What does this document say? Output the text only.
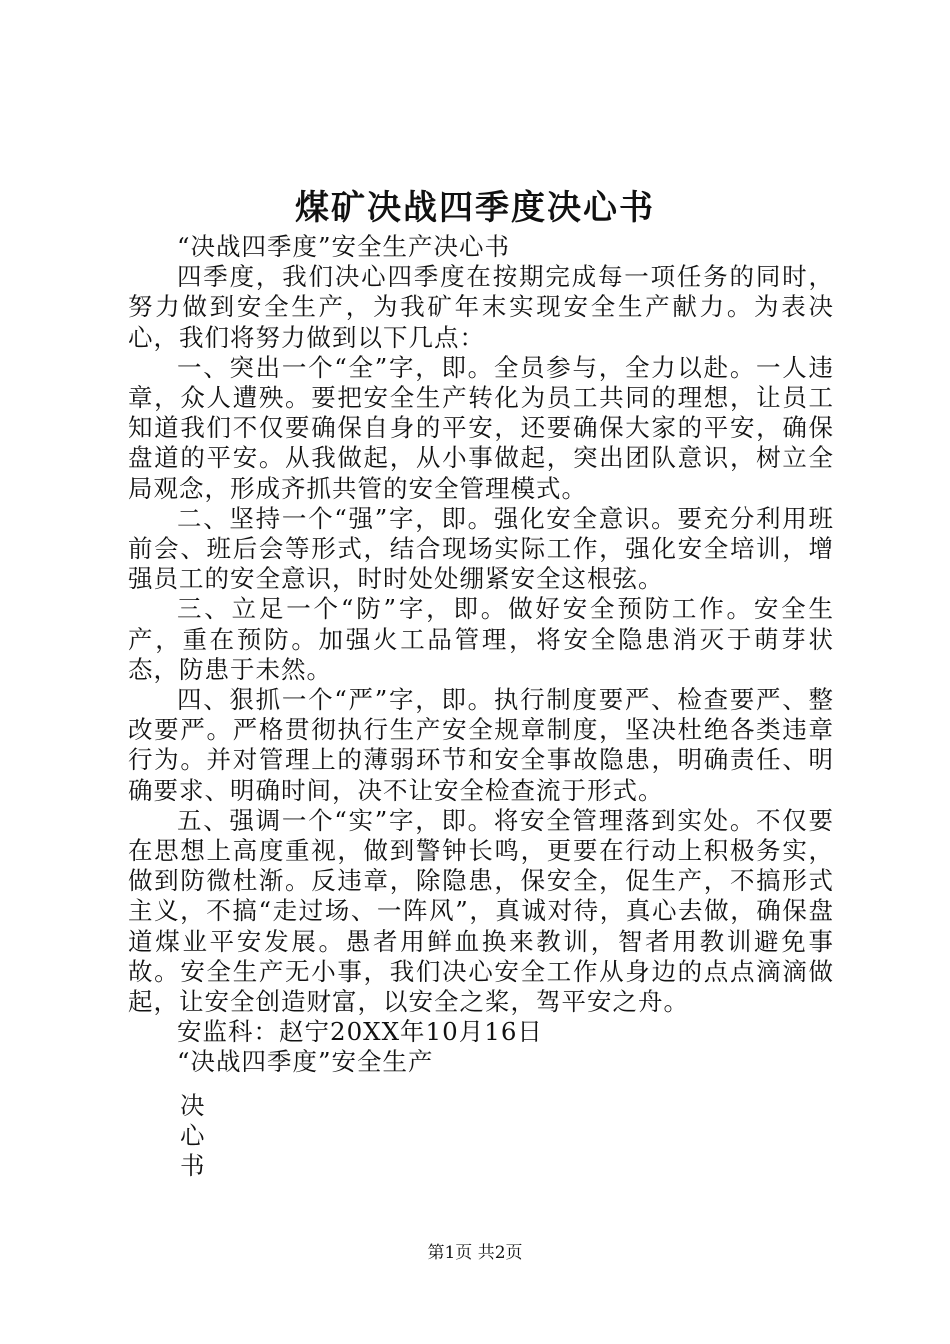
煤矿决战四季度决心书

“决战四季度”安全生产决心书

四季度，我们决心四季度在按期完成每一项任务的同时，努力做到安全生产，为我矿年末实现安全生产献力。为表决心，我们将努力做到以下几点：

一、突出一个“全”字，即。全员参与，全力以赴。一人违章，众人遭殃。要把安全生产转化为员工共同的理想，让员工知道我们不仅要确保自身的平安，还要确保大家的平安，确保盘道的平安。从我做起，从小事做起，突出团队意识，树立全局观念，形成齐抓共管的安全管理模式。

二、坚持一个“强”字，即。强化安全意识。要充分利用班前会、班后会等形式，结合现场实际工作，强化安全培训，增强员工的安全意识，时时处处绷紧安全这根弦。

三、立足一个“防”字，即。做好安全预防工作。安全生产，重在预防。加强火工品管理，将安全隐患消灭于萌芽状态，防患于未然。

四、狠抓一个“严”字，即。执行制度要严、检查要严、整改要严。严格贯彻执行生产安全规章制度，坚决杜绝各类违章行为。并对管理上的薄弱环节和安全事故隐患，明确责任、明确要求、明确时间，决不让安全检查流于形式。

五、强调一个“实”字，即。将安全管理落到实处。不仅要在思想上高度重视，做到警钟长鸣，更要在行动上积极务实，做到防微杜渐。反违章，除隐患，保安全，促生产，不搞形式主义，不搞“走过场、一阵风”，真诚对待，真心去做，确保盘道煤业平安发展。愚者用鲜血换来教训，智者用教训避免事故。安全生产无小事，我们决心安全工作从身边的点点滴滴做起，让安全创造财富，以安全之桨，驾平安之舟。

安监科：赵宁20XX年10月16日

“决战四季度”安全生产

决
心
书
第1页 共2页
